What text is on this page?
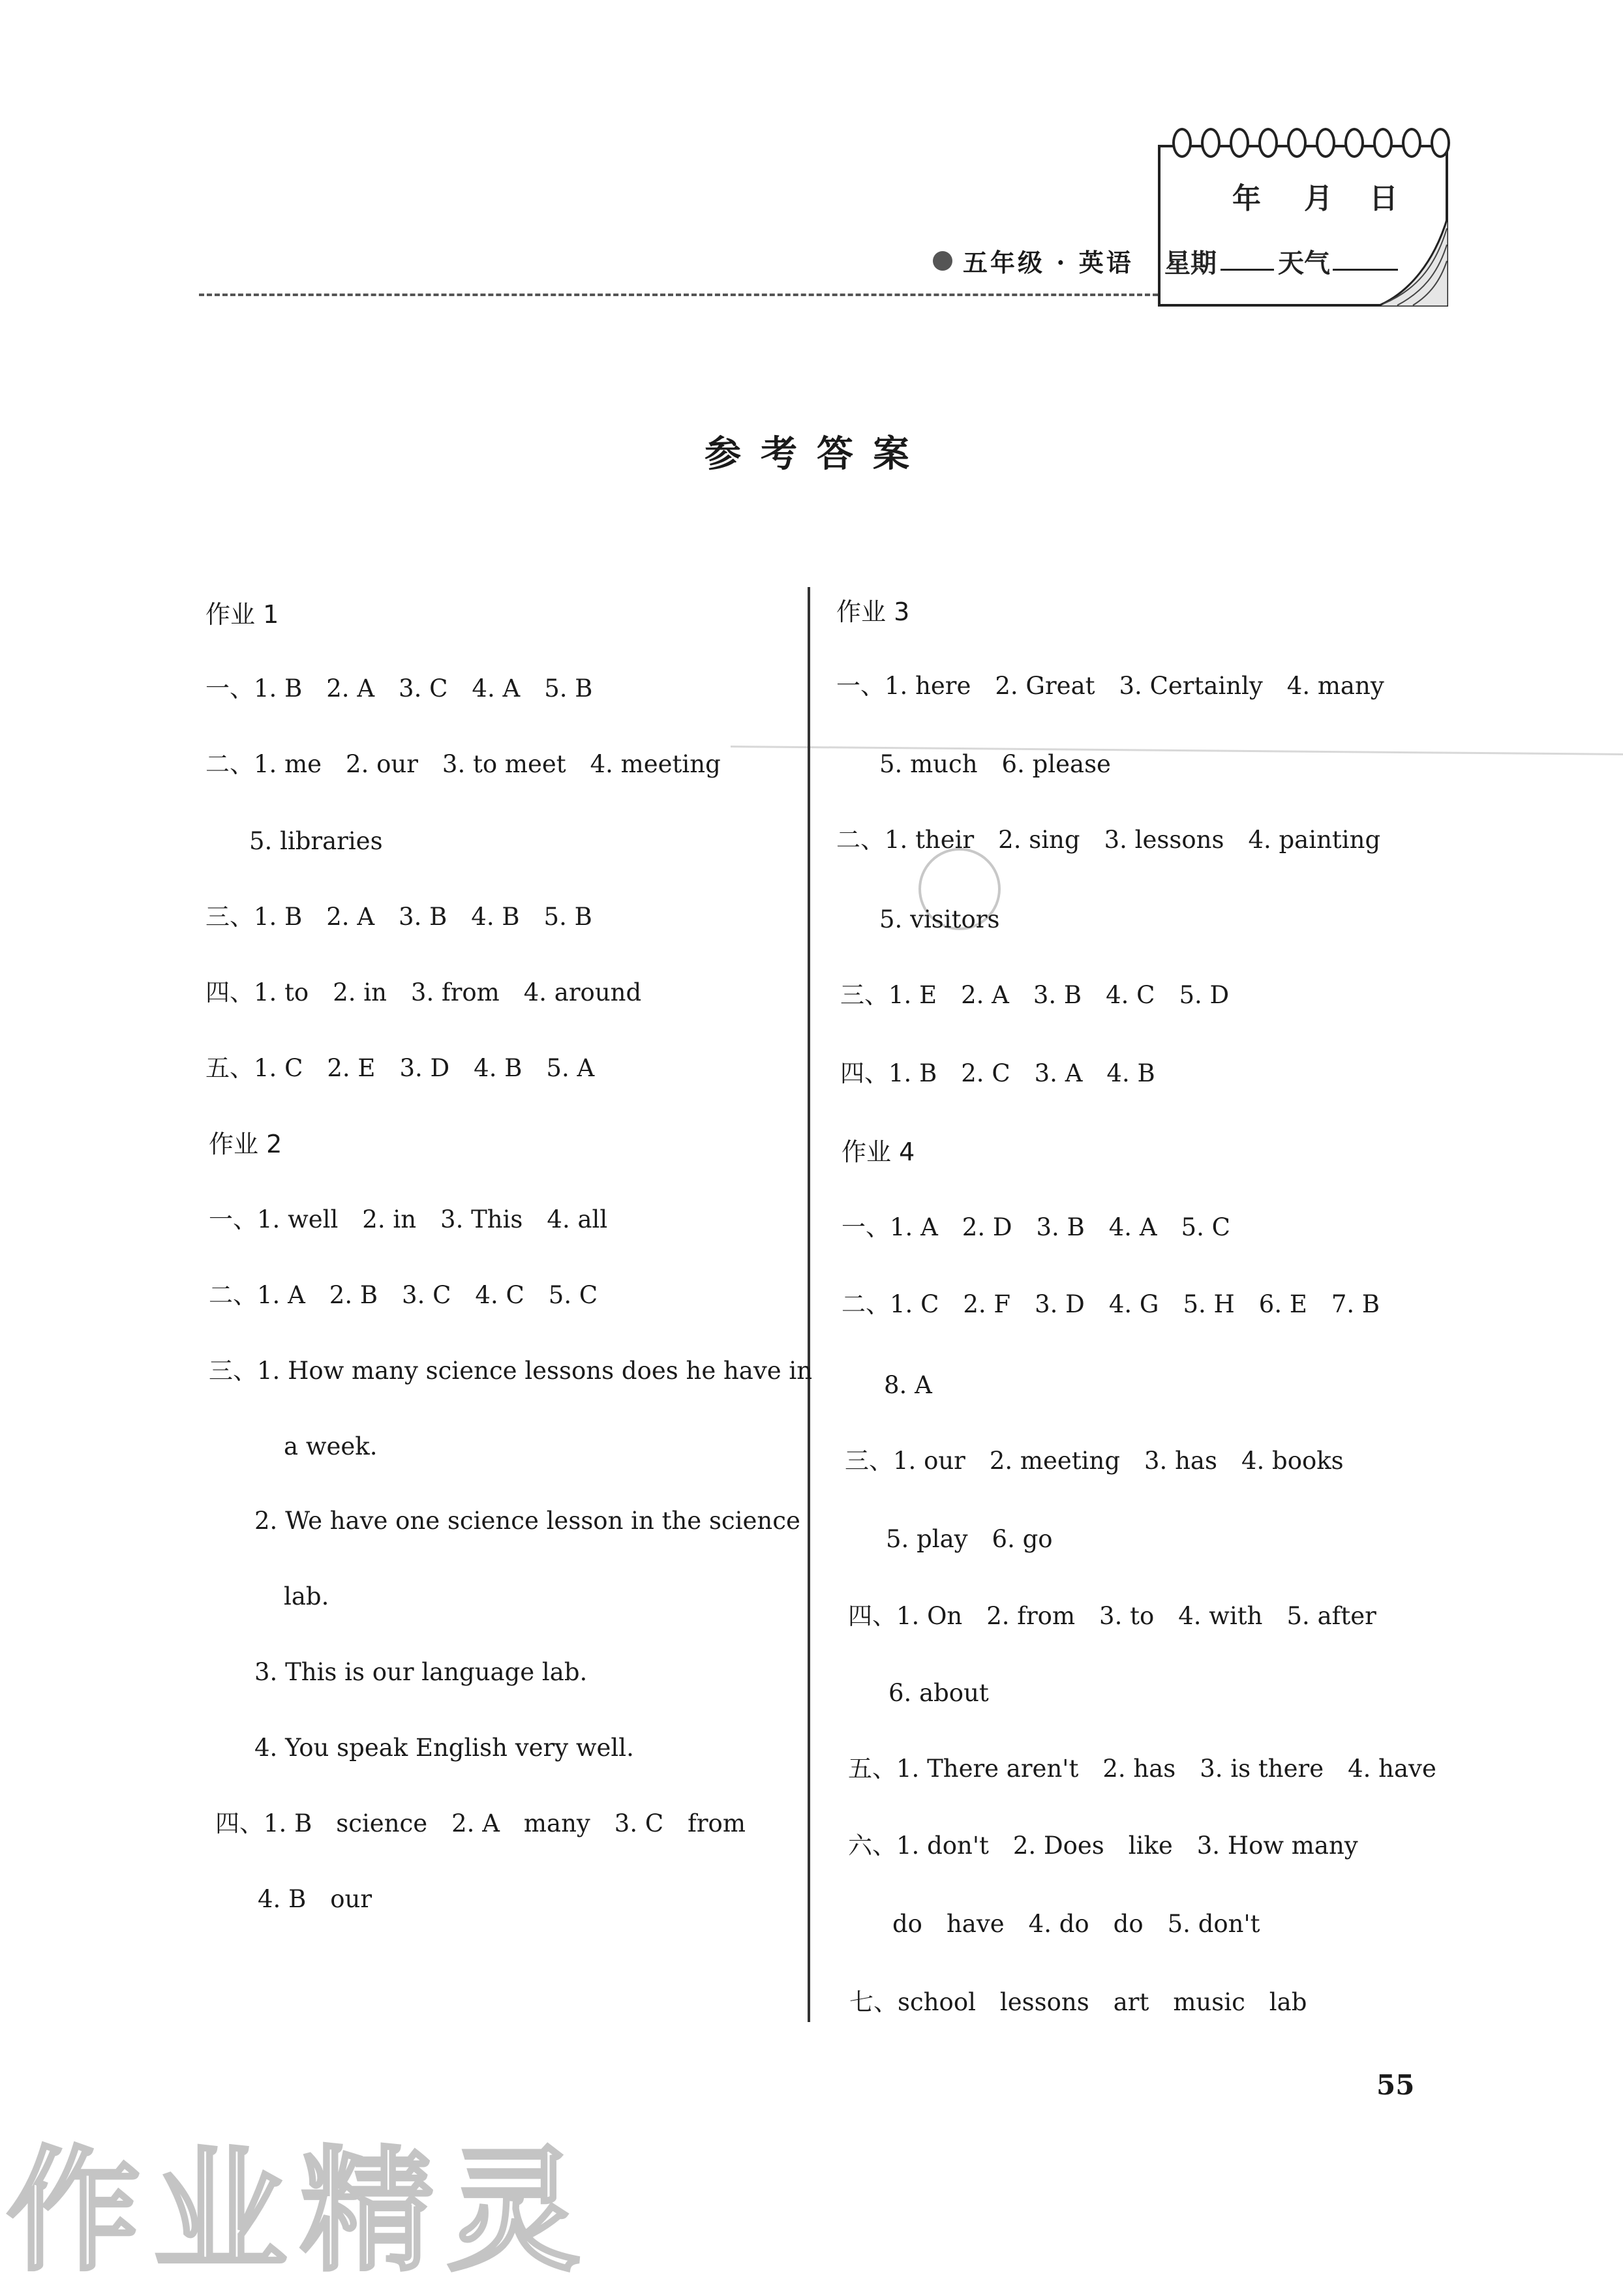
五年级 · 英语
年 月 日
星期 天气
参考答案
作业 1
一、1. B　2. A　3. C　4. A　5. B
二、1. me　2. our　3. to meet　4. meeting
5. libraries
三、1. B　2. A　3. B　4. B　5. B
四、1. to　2. in　3. from　4. around
五、1. C　2. E　3. D　4. B　5. A
作业 2
一、1. well　2. in　3. This　4. all
二、1. A　2. B　3. C　4. C　5. C
三、1. How many science lessons does he have in
a week.
2. We have one science lesson in the science
lab.
3. This is our language lab.
4. You speak English very well.
四、1. B　science　2. A　many　3. C　from
4. B　our
作业 3
一、1. here　2. Great　3. Certainly　4. many
5. much　6. please
二、1. their　2. sing　3. lessons　4. painting
5. visitors
三、1. E　2. A　3. B　4. C　5. D
四、1. B　2. C　3. A　4. B
作业 4
一、1. A　2. D　3. B　4. A　5. C
二、1. C　2. F　3. D　4. G　5. H　6. E　7. B
8. A
三、1. our　2. meeting　3. has　4. books
5. play　6. go
四、1. On　2. from　3. to　4. with　5. after
6. about
五、1. There aren't　2. has　3. is there　4. have
六、1. don't　2. Does　like　3. How many
do　have　4. do　do　5. don't
七、school　lessons　art　music　lab
55
作业精灵
